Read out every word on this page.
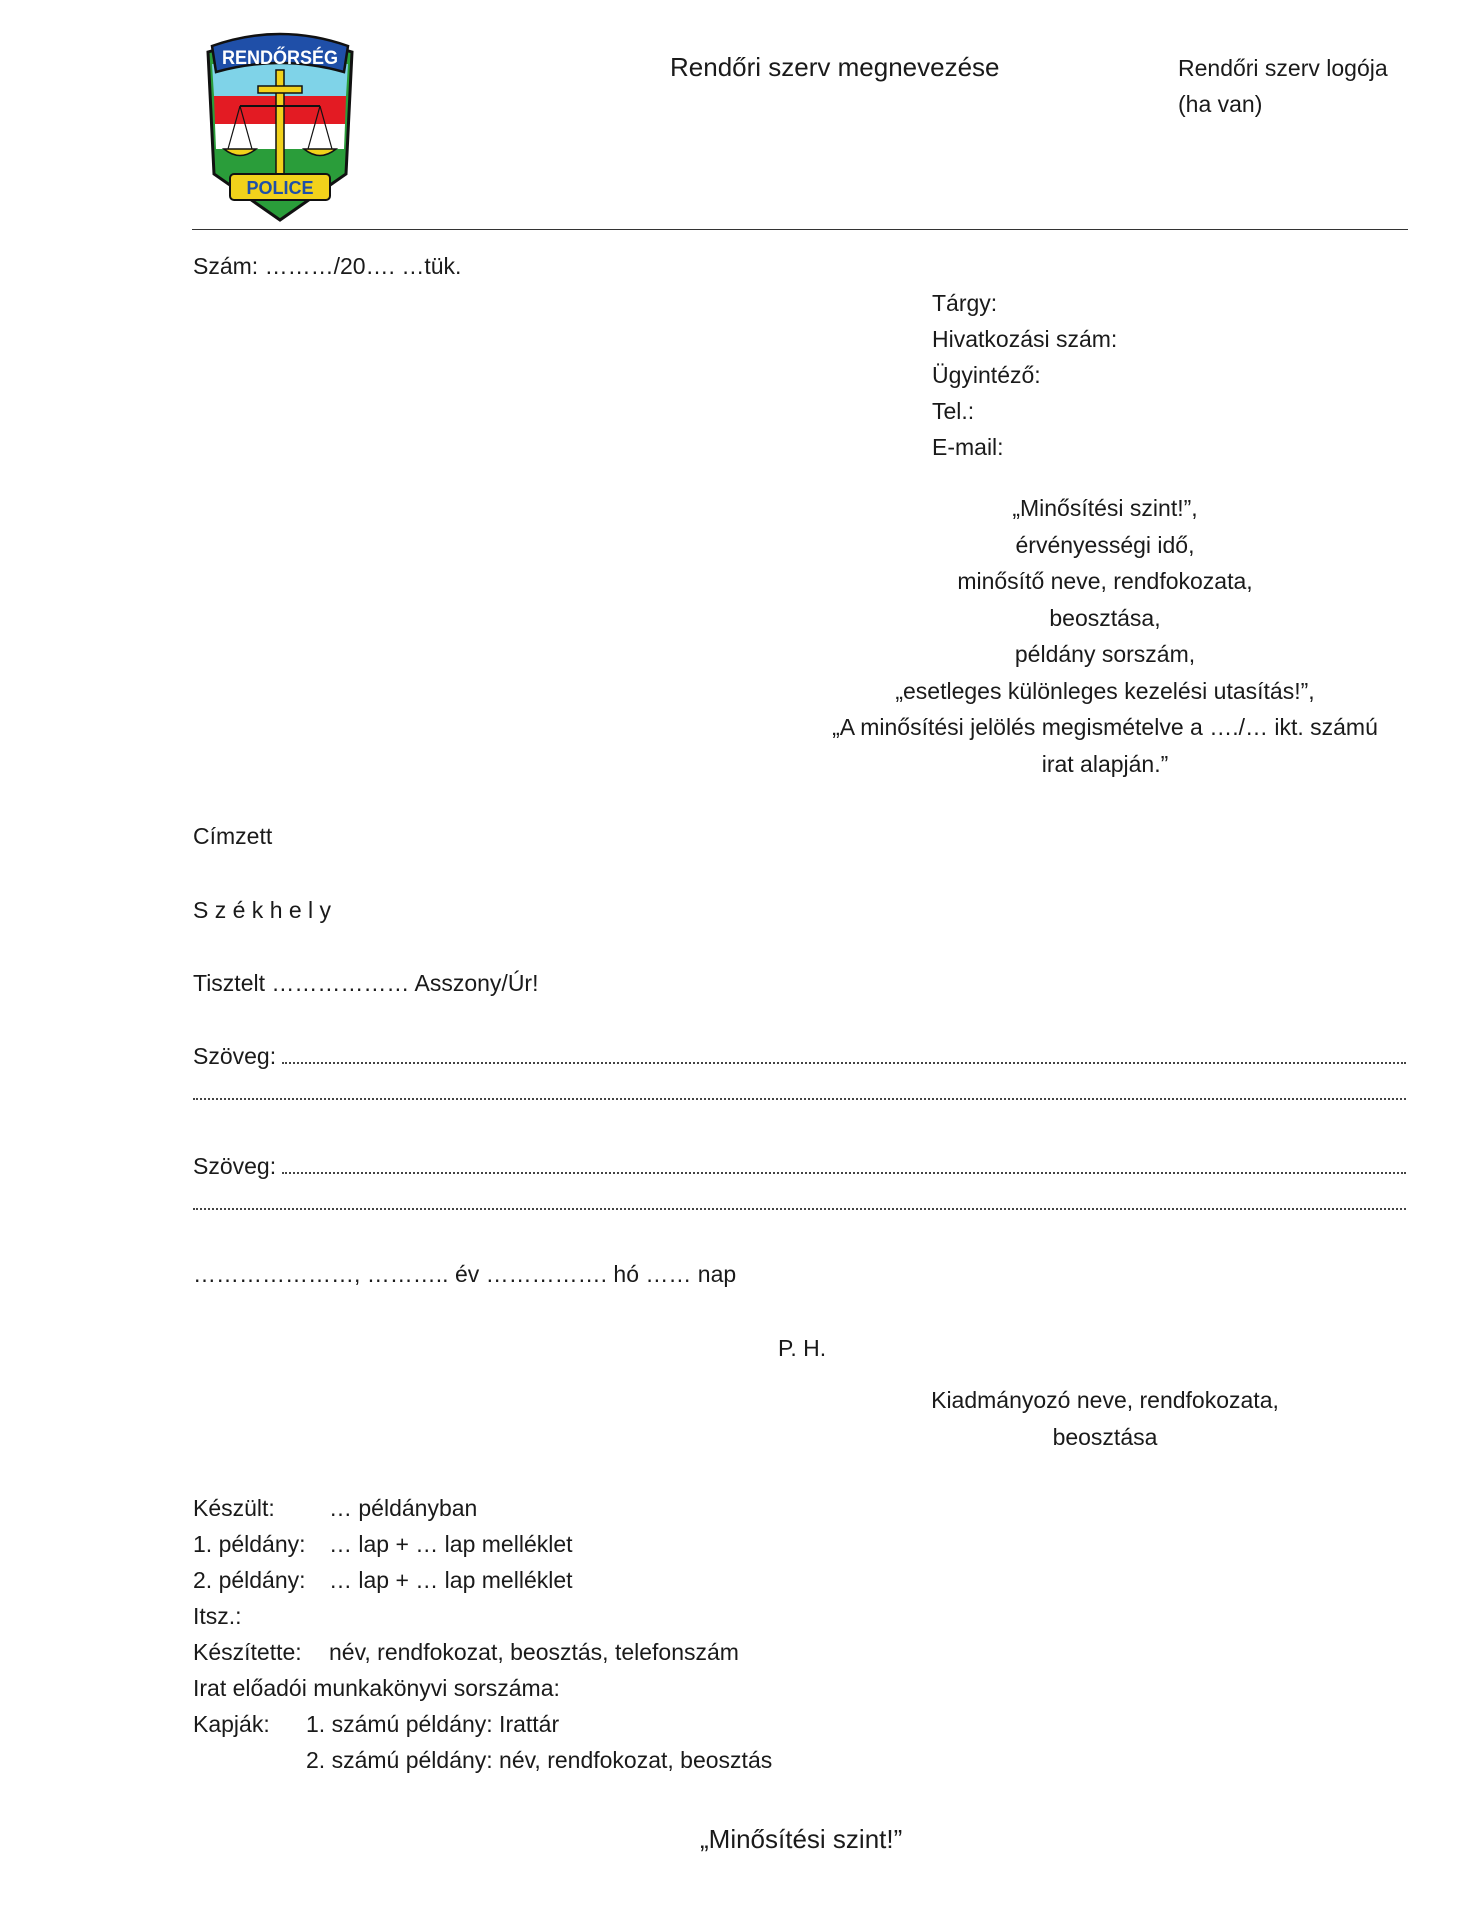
RENDŐRSÉG
POLICE
Rendőri szerv megnevezése	Rendőri szerv logója
(ha van)
Szám: ………/20…. …tük.
Tárgy:
Hivatkozási szám:
Ügyintéző:
Tel.:
E-mail:
„Minősítési szint!”,
érvényességi idő,
minősítő neve, rendfokozata,
beosztása,
példány sorszám,
„esetleges különleges kezelési utasítás!”,
„A minősítési jelölés megismételve a …./… ikt. számú
irat alapján.”
Címzett
S z é k h e l y
Tisztelt ……………… Asszony/Úr!
Szöveg:
Szöveg:
…………………, ……….. év ……………. hó …… nap
P. H.
Kiadmányozó neve, rendfokozata,
beosztása
Készült: … példányban
1. példány: … lap + … lap melléklet
2. példány: … lap + … lap melléklet
Itsz.:
Készítette: név, rendfokozat, beosztás, telefonszám
Irat előadói munkakönyvi sorszáma:
Kapják: 1. számú példány: Irattár
2. számú példány: név, rendfokozat, beosztás
„Minősítési szint!”
